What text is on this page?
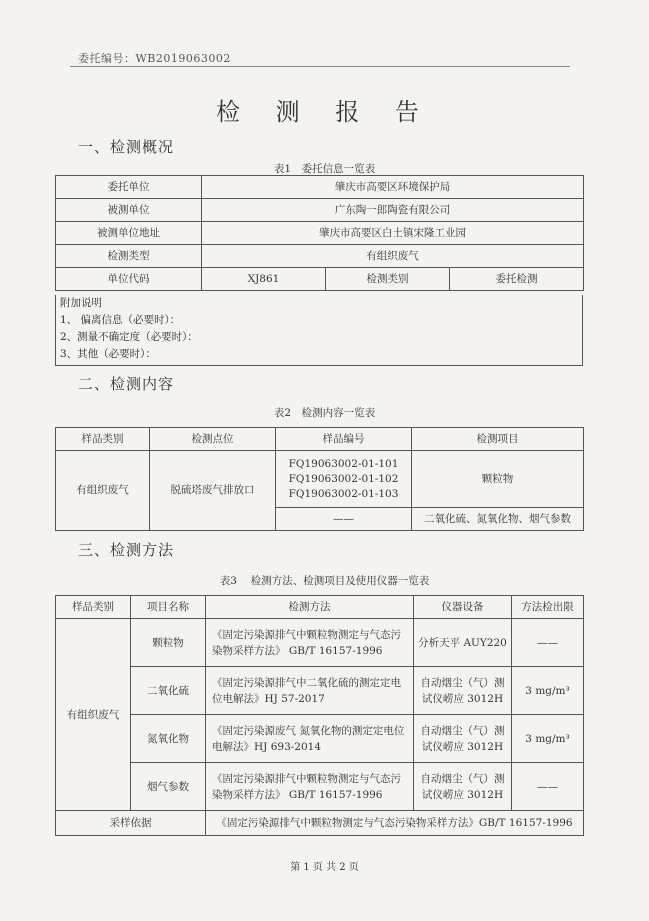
委托编号：WB2019063002
检 测 报 告
一、检测概况
表1　委托信息一览表
委托单位	肇庆市高要区环境保护局		
被测单位	广东陶一郎陶瓷有限公司		
被测单位地址	肇庆市高要区白土镇宋隆工业园		
检测类型	有组织废气		
单位代码	XJ861	检测类别	委托检测
附加说明
1、 偏离信息（必要时）：
2、测量不确定度（必要时）：
3、其他（必要时）：
二、检测内容
表2　检测内容一览表
样品类别	检测点位	样品编号	检测项目
有组织废气	脱硫塔废气排放口	FQ19063002-01-101
FQ19063002-01-102
FQ19063002-01-103	颗粒物
		——	二氧化硫、氮氧化物、烟气参数
三、检测方法
表3　 检测方法、检测项目及使用仪器一览表
样品类别	项目名称	检测方法	仪器设备	方法检出限
有组织废气	颗粒物	《固定污染源排气中颗粒物测定与气态污染物采样方法》 GB/T 16157-1996	分析天平 AUY220	——
	二氧化硫	《固定污染源排气中二氧化硫的测定定电位电解法》HJ 57-2017	自动烟尘（气）测试仪崂应 3012H	3 mg/m³
	氮氧化物	《固定污染源废气 氮氧化物的测定定电位电解法》HJ 693-2014	自动烟尘（气）测试仪崂应 3012H	3 mg/m³
	烟气参数	《固定污染源排气中颗粒物测定与气态污染物采样方法》 GB/T 16157-1996	自动烟尘（气）测试仪崂应 3012H	——
采样依据		《固定污染源排气中颗粒物测定与气态污染物采样方法》GB/T 16157-1996		
第 1 页 共 2 页
